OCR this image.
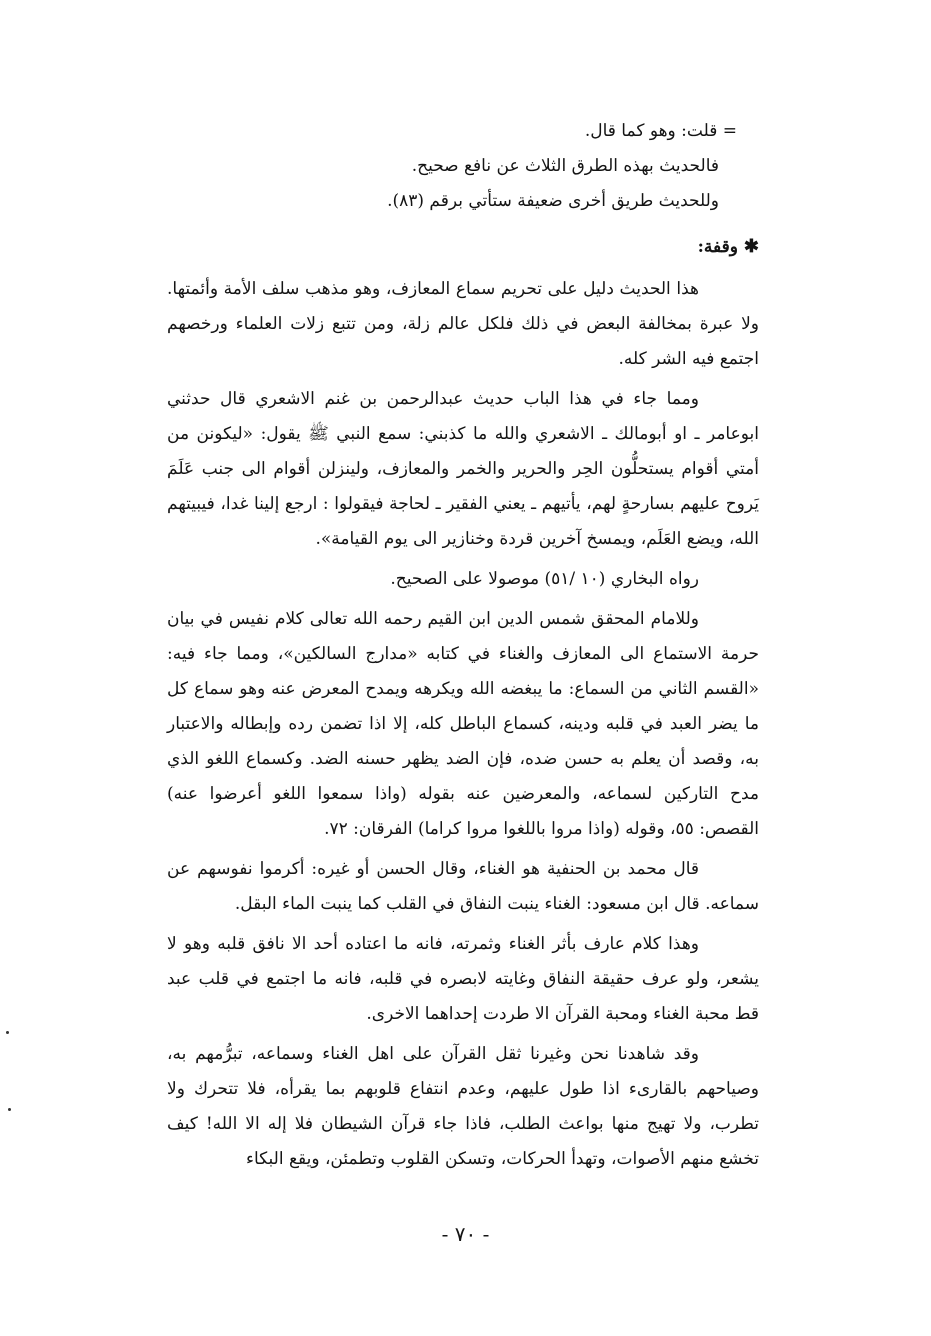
= قلت: وهو كما قال.
فالحديث بهذه الطرق الثلاث عن نافع صحيح.
وللحديث طريق أخرى ضعيفة ستأتي برقم (٨٣).
✱وقفة:

هذا الحديث دليل على تحريم سماع المعازف، وهو مذهب سلف الأمة وأئمتها. ولا عبرة بمخالفة البعض في ذلك فلكل عالم زلة، ومن تتبع زلات العلماء ورخصهم اجتمع فيه الشر كله.

ومما جاء في هذا الباب حديث عبدالرحمن بن غنم الاشعري قال حدثني ابوعامر ـ او أبومالك ـ الاشعري والله ما كذبني: سمع النبي ﷺ يقول: «ليكونن من أمتي أقوام يستحلُّون الحِر والحرير والخمر والمعازف، ولينزلن أقوام الى جنب عَلَمَ يَروح عليهم بسارحةٍ لهم، يأتيهم ـ يعني الفقير ـ لحاجة فيقولوا : ارجع إلينا غدا، فيبيتهم الله، ويضع العَلَم، ويمسخ آخرين قردة وخنازير الى يوم القيامة».

رواه البخاري (١٠ /٥١) موصولا على الصحيح.

وللامام المحقق شمس الدين ابن القيم رحمه الله تعالى كلام نفيس في بيان حرمة الاستماع الى المعازف والغناء في كتابه «مدارج السالكين»، ومما جاء فيه: «القسم الثاني من السماع: ما يبغضه الله ويكرهه ويمدح المعرض عنه وهو سماع كل ما يضر العبد في قلبه ودينه، كسماع الباطل كله، إلا اذا تضمن رده وإبطاله والاعتبار به، وقصد أن يعلم به حسن ضده، فإن الضد يظهر حسنه الضد. وكسماع اللغو الذي مدح التاركين لسماعه، والمعرضين عنه بقوله (واذا سمعوا اللغو أعرضوا عنه) القصص: ٥٥، وقوله (واذا مروا باللغوا مروا كراما) الفرقان: ٧٢.

قال محمد بن الحنفية هو الغناء، وقال الحسن أو غيره: أكرموا نفوسهم عن سماعه. قال ابن مسعود: الغناء ينبت النفاق في القلب كما ينبت الماء البقل.

وهذا كلام عارف بأثر الغناء وثمرته، فانه ما اعتاده أحد الا نافق قلبه وهو لا يشعر، ولو عرف حقيقة النفاق وغايته لابصره في قلبه، فانه ما اجتمع في قلب عبد قط محبة الغناء ومحبة القرآن الا طردت إحداهما الاخرى.

وقد شاهدنا نحن وغيرنا ثقل القرآن على اهل الغناء وسماعه، تبرُّمهم به، وصياحهم بالقارىء اذا طول عليهم، وعدم انتفاع قلوبهم بما يقرأه، فلا تتحرك ولا تطرب، ولا تهيج منها بواعث الطلب، فاذا جاء قرآن الشيطان فلا إله الا الله! كيف تخشع منهم الأصوات، وتهدأ الحركات، وتسكن القلوب وتطمئن، ويقع البكاء

- ٧٠ -
